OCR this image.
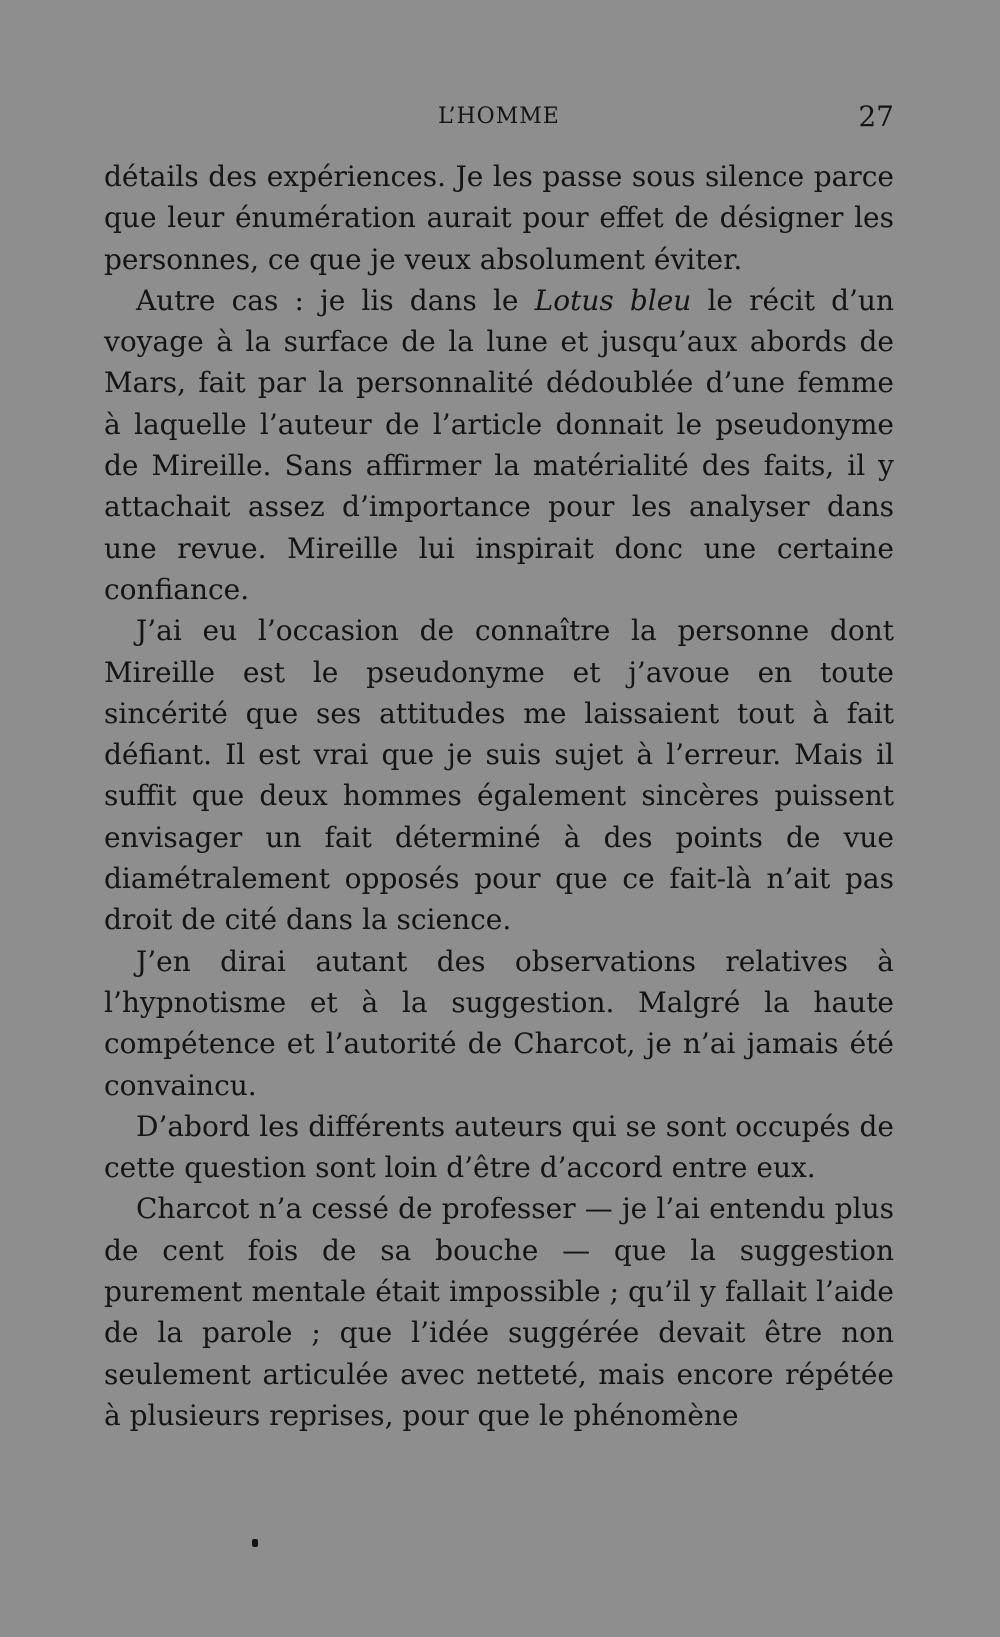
L’HOMME	27

détails des expériences. Je les passe sous silence parce que leur énumération aurait pour effet de désigner les personnes, ce que je veux absolument éviter.

Autre cas : je lis dans le Lotus bleu le récit d’un voyage à la surface de la lune et jusqu’aux abords de Mars, fait par la personnalité dédoublée d’une femme à laquelle l’auteur de l’article donnait le pseudonyme de Mireille. Sans affirmer la matérialité des faits, il y attachait assez d’importance pour les analyser dans une revue. Mireille lui inspirait donc une certaine confiance.

J’ai eu l’occasion de connaître la personne dont Mireille est le pseudonyme et j’avoue en toute sincérité que ses attitudes me laissaient tout à fait défiant. Il est vrai que je suis sujet à l’erreur. Mais il suffit que deux hommes également sincères puissent envisager un fait déterminé à des points de vue diamétralement opposés pour que ce fait-là n’ait pas droit de cité dans la science.

J’en dirai autant des observations relatives à l’hypnotisme et à la suggestion. Malgré la haute compétence et l’autorité de Charcot, je n’ai jamais été convaincu.

D’abord les différents auteurs qui se sont occupés de cette question sont loin d’être d’accord entre eux.

Charcot n’a cessé de professer — je l’ai entendu plus de cent fois de sa bouche — que la suggestion purement mentale était impossible ; qu’il y fallait l’aide de la parole ; que l’idée suggérée devait être non seulement articulée avec netteté, mais encore répétée à plusieurs reprises, pour que le phénomène
